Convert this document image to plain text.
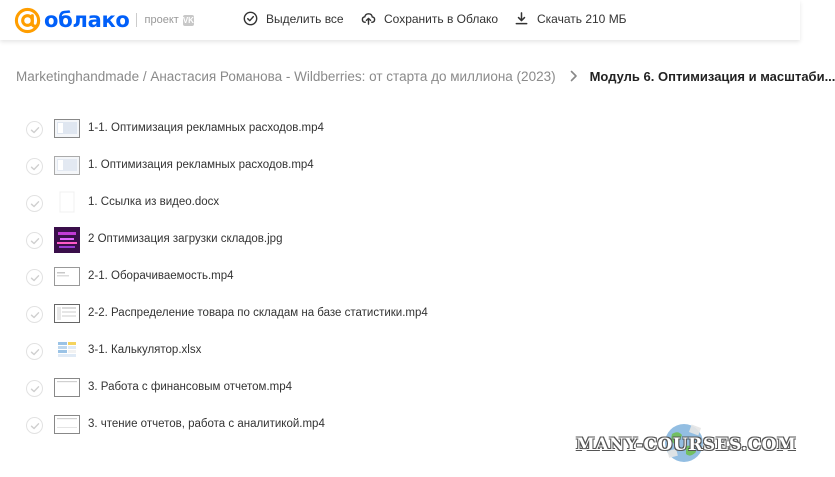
облако проект VK	Выделить все	Сохранить в Облако	Скачать 210 МБ
Marketinghandmade / Анастасия Романова - Wildberries: от старта до миллиона (2023)	Модуль 6. Оптимизация и масштаби...
1-1. Оптимизация рекламных расходов.mp4
1. Оптимизация рекламных расходов.mp4
1. Ссылка из видео.docx
2 Оптимизация загрузки складов.jpg
2-1. Оборачиваемость.mp4
2-2. Распределение товара по складам на базе статистики.mp4
3-1. Калькулятор.xlsx
3. Работа с финансовым отчетом.mp4
3. чтение отчетов, работа с аналитикой.mp4
MANY-COURSES.COM
